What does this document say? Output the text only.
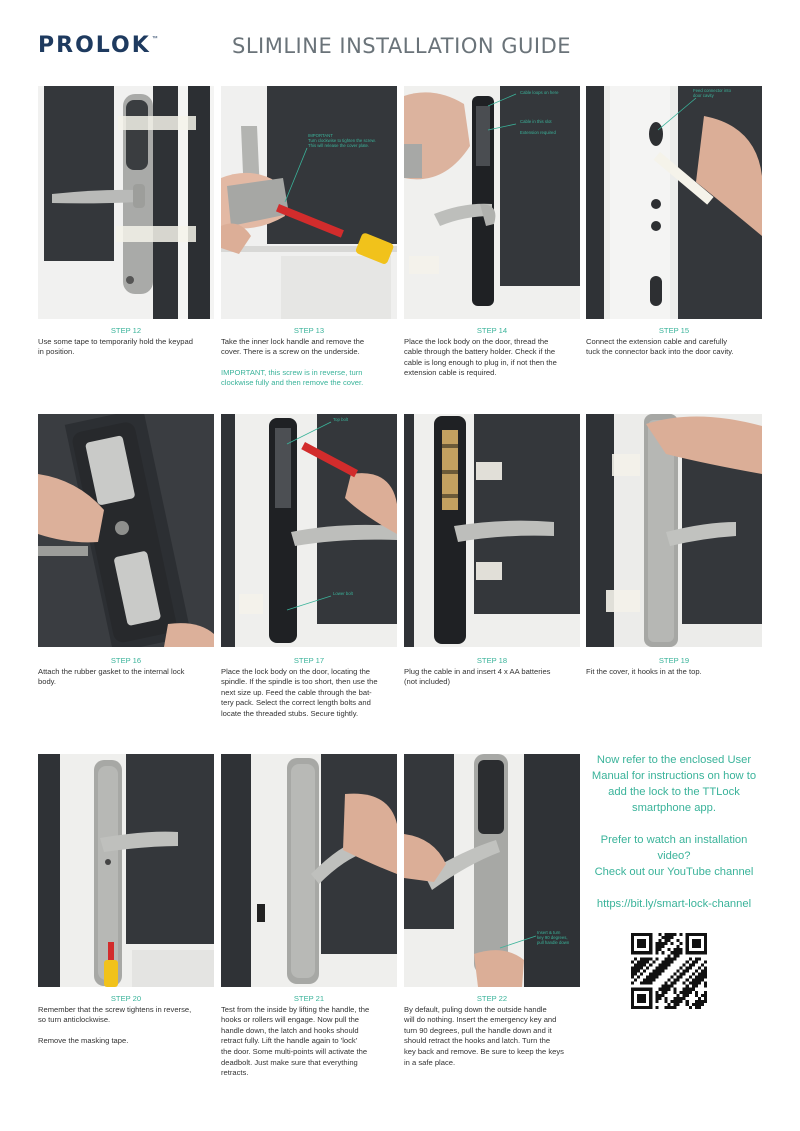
PROLOK ™	SLIMLINE INSTALLATION GUIDE
IMPORTANT
Turn clockwise to tighten the screw.
This will release the cover plate.
Cable loops on here
Cable in this slot
Extension required
Feed connector into
door cavity
STEP 12

Use some tape to temporarily hold the keypad

in position.

STEP 13

Take the inner lock handle and remove the

cover. There is a screw on the underside.

IMPORTANT, this screw is in reverse, turn

clockwise fully and then remove the cover.

STEP 14

Place the lock body on the door, thread the

cable through the battery holder. Check if the

cable is long enough to plug in, if not then the

extension cable is required.

STEP 15

Connect the extension cable and carefully

tuck the connector back into the door cavity.

Top bolt
Lower bolt
STEP 16

Attach the rubber gasket to the internal lock

body.

STEP 17

Place the lock body on the door, locating the

spindle. If the spindle is too short, then use the

next size up. Feed the cable through the bat-

tery pack. Select the correct length bolts and

locate the threaded stubs. Secure tightly.

STEP 18

Plug the cable in and insert 4 x AA batteries

(not included)

STEP 19

Fit the cover, it hooks in at the top.

Insert & turn
key 90 degrees,
pull handle down
STEP 20

Remember that the screw tightens in reverse,

so turn anticlockwise.

Remove the masking tape.

STEP 21

Test from the inside by lifting the handle, the

hooks or rollers will engage. Now pull the

handle down, the latch and hooks should

retract fully. Lift the handle again to 'lock'

the door. Some multi-points will activate the

deadbolt. Just make sure that everything

retracts.

STEP 22

By default, puling down the outside handle

will do nothing. Insert the emergency key and

turn 90 degrees, pull the handle down and it

should retract the hooks and latch. Turn the

key back and remove. Be sure to keep the keys

in a safe place.

Now refer to the enclosed User
Manual for instructions on how to
add the lock to the TTLock
smartphone app.

Prefer to watch an installation
video?
Check out our YouTube channel

https://bit.ly/smart-lock-channel
